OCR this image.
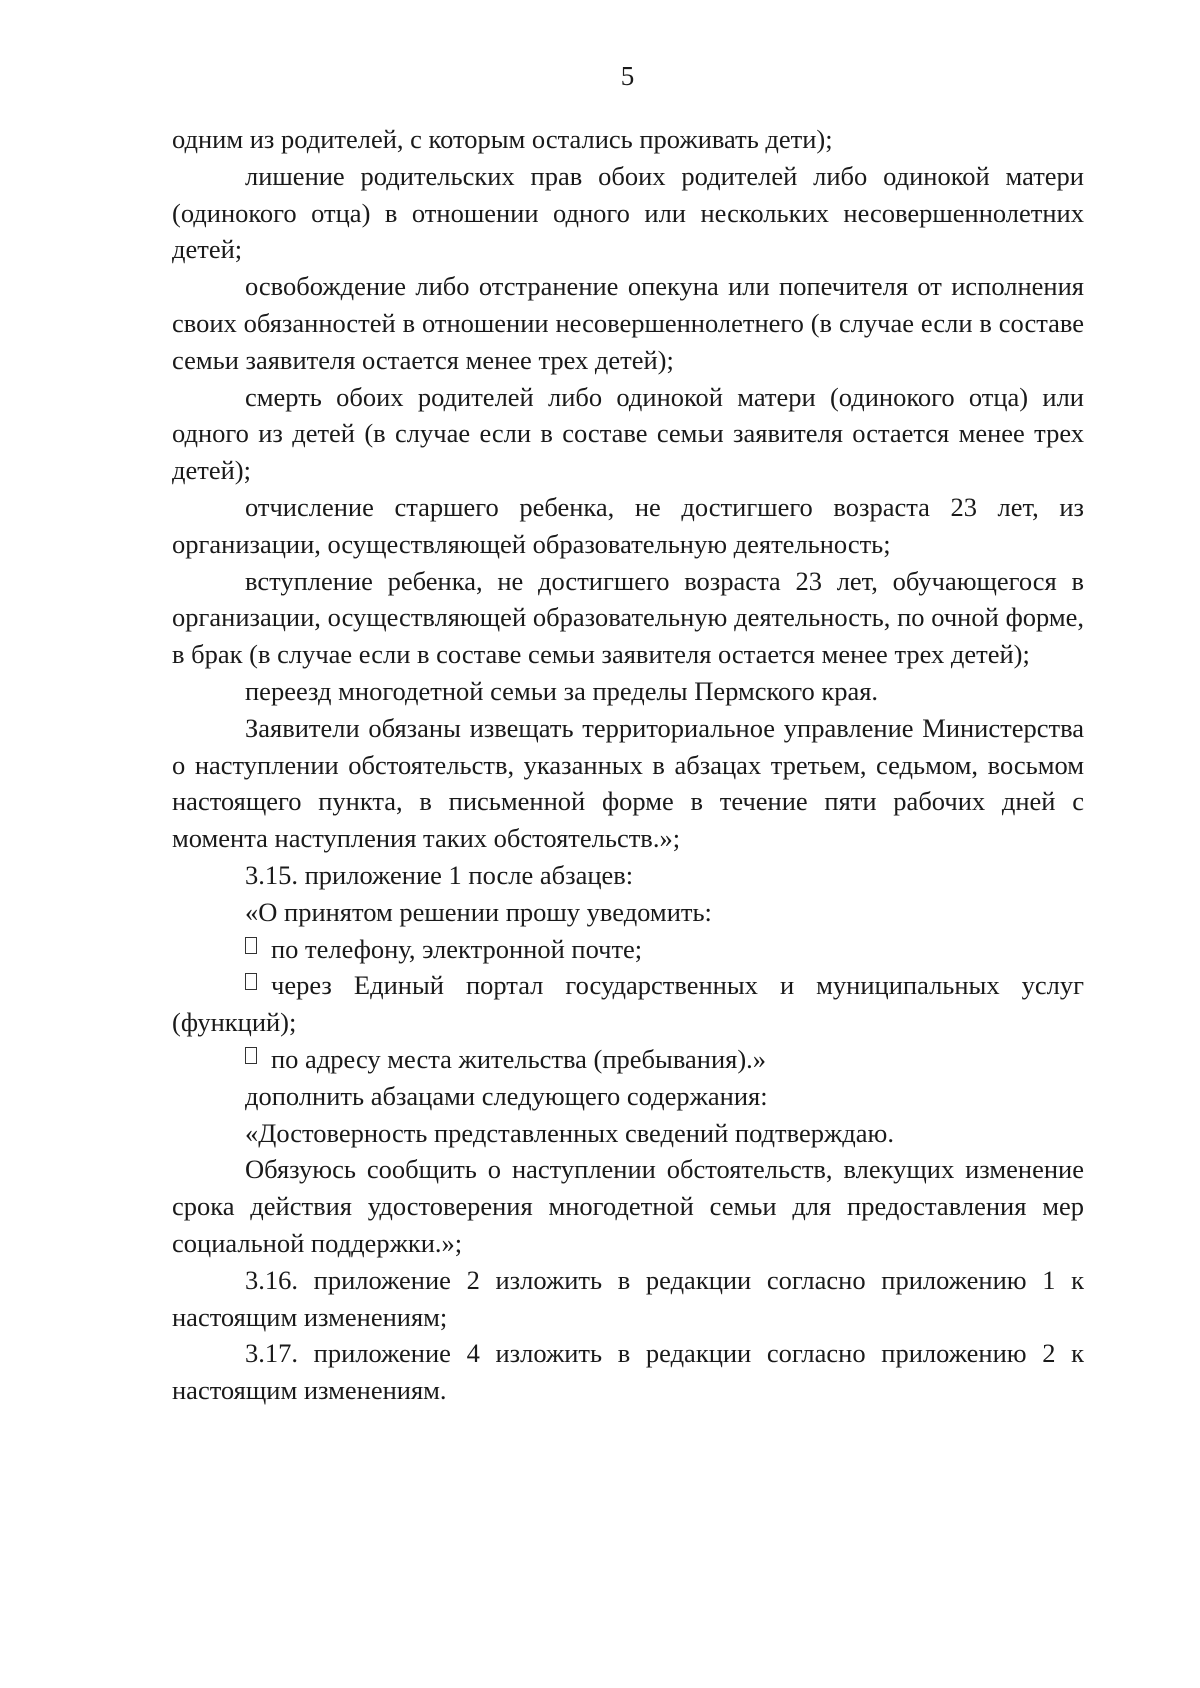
5

одним из родителей, с которым остались проживать дети);

лишение родительских прав обоих родителей либо одинокой матери (одинокого отца) в отношении одного или нескольких несовершеннолетних детей;

освобождение либо отстранение опекуна или попечителя от исполнения своих обязанностей в отношении несовершеннолетнего (в случае если в составе семьи заявителя остается менее трех детей);

смерть обоих родителей либо одинокой матери (одинокого отца) или одного из детей (в случае если в составе семьи заявителя остается менее трех детей);

отчисление старшего ребенка, не достигшего возраста 23 лет, из организации, осуществляющей образовательную деятельность;

вступление ребенка, не достигшего возраста 23 лет, обучающегося в организации, осуществляющей образовательную деятельность, по очной форме, в брак (в случае если в составе семьи заявителя остается менее трех детей);

переезд многодетной семьи за пределы Пермского края.

Заявители обязаны извещать территориальное управление Министерства о наступлении обстоятельств, указанных в абзацах третьем, седьмом, восьмом настоящего пункта, в письменной форме в течение пяти рабочих дней с момента наступления таких обстоятельств.»;

3.15. приложение 1 после абзацев:

«О принятом решении прошу уведомить:

по телефону, электронной почте;

через Единый портал государственных и муниципальных услуг (функций);

по адресу места жительства (пребывания).»

дополнить абзацами следующего содержания:

«Достоверность представленных сведений подтверждаю.

Обязуюсь сообщить о наступлении обстоятельств, влекущих изменение срока действия удостоверения многодетной семьи для предоставления мер социальной поддержки.»;

3.16. приложение 2 изложить в редакции согласно приложению 1 к настоящим изменениям;

3.17. приложение 4 изложить в редакции согласно приложению 2 к настоящим изменениям.
